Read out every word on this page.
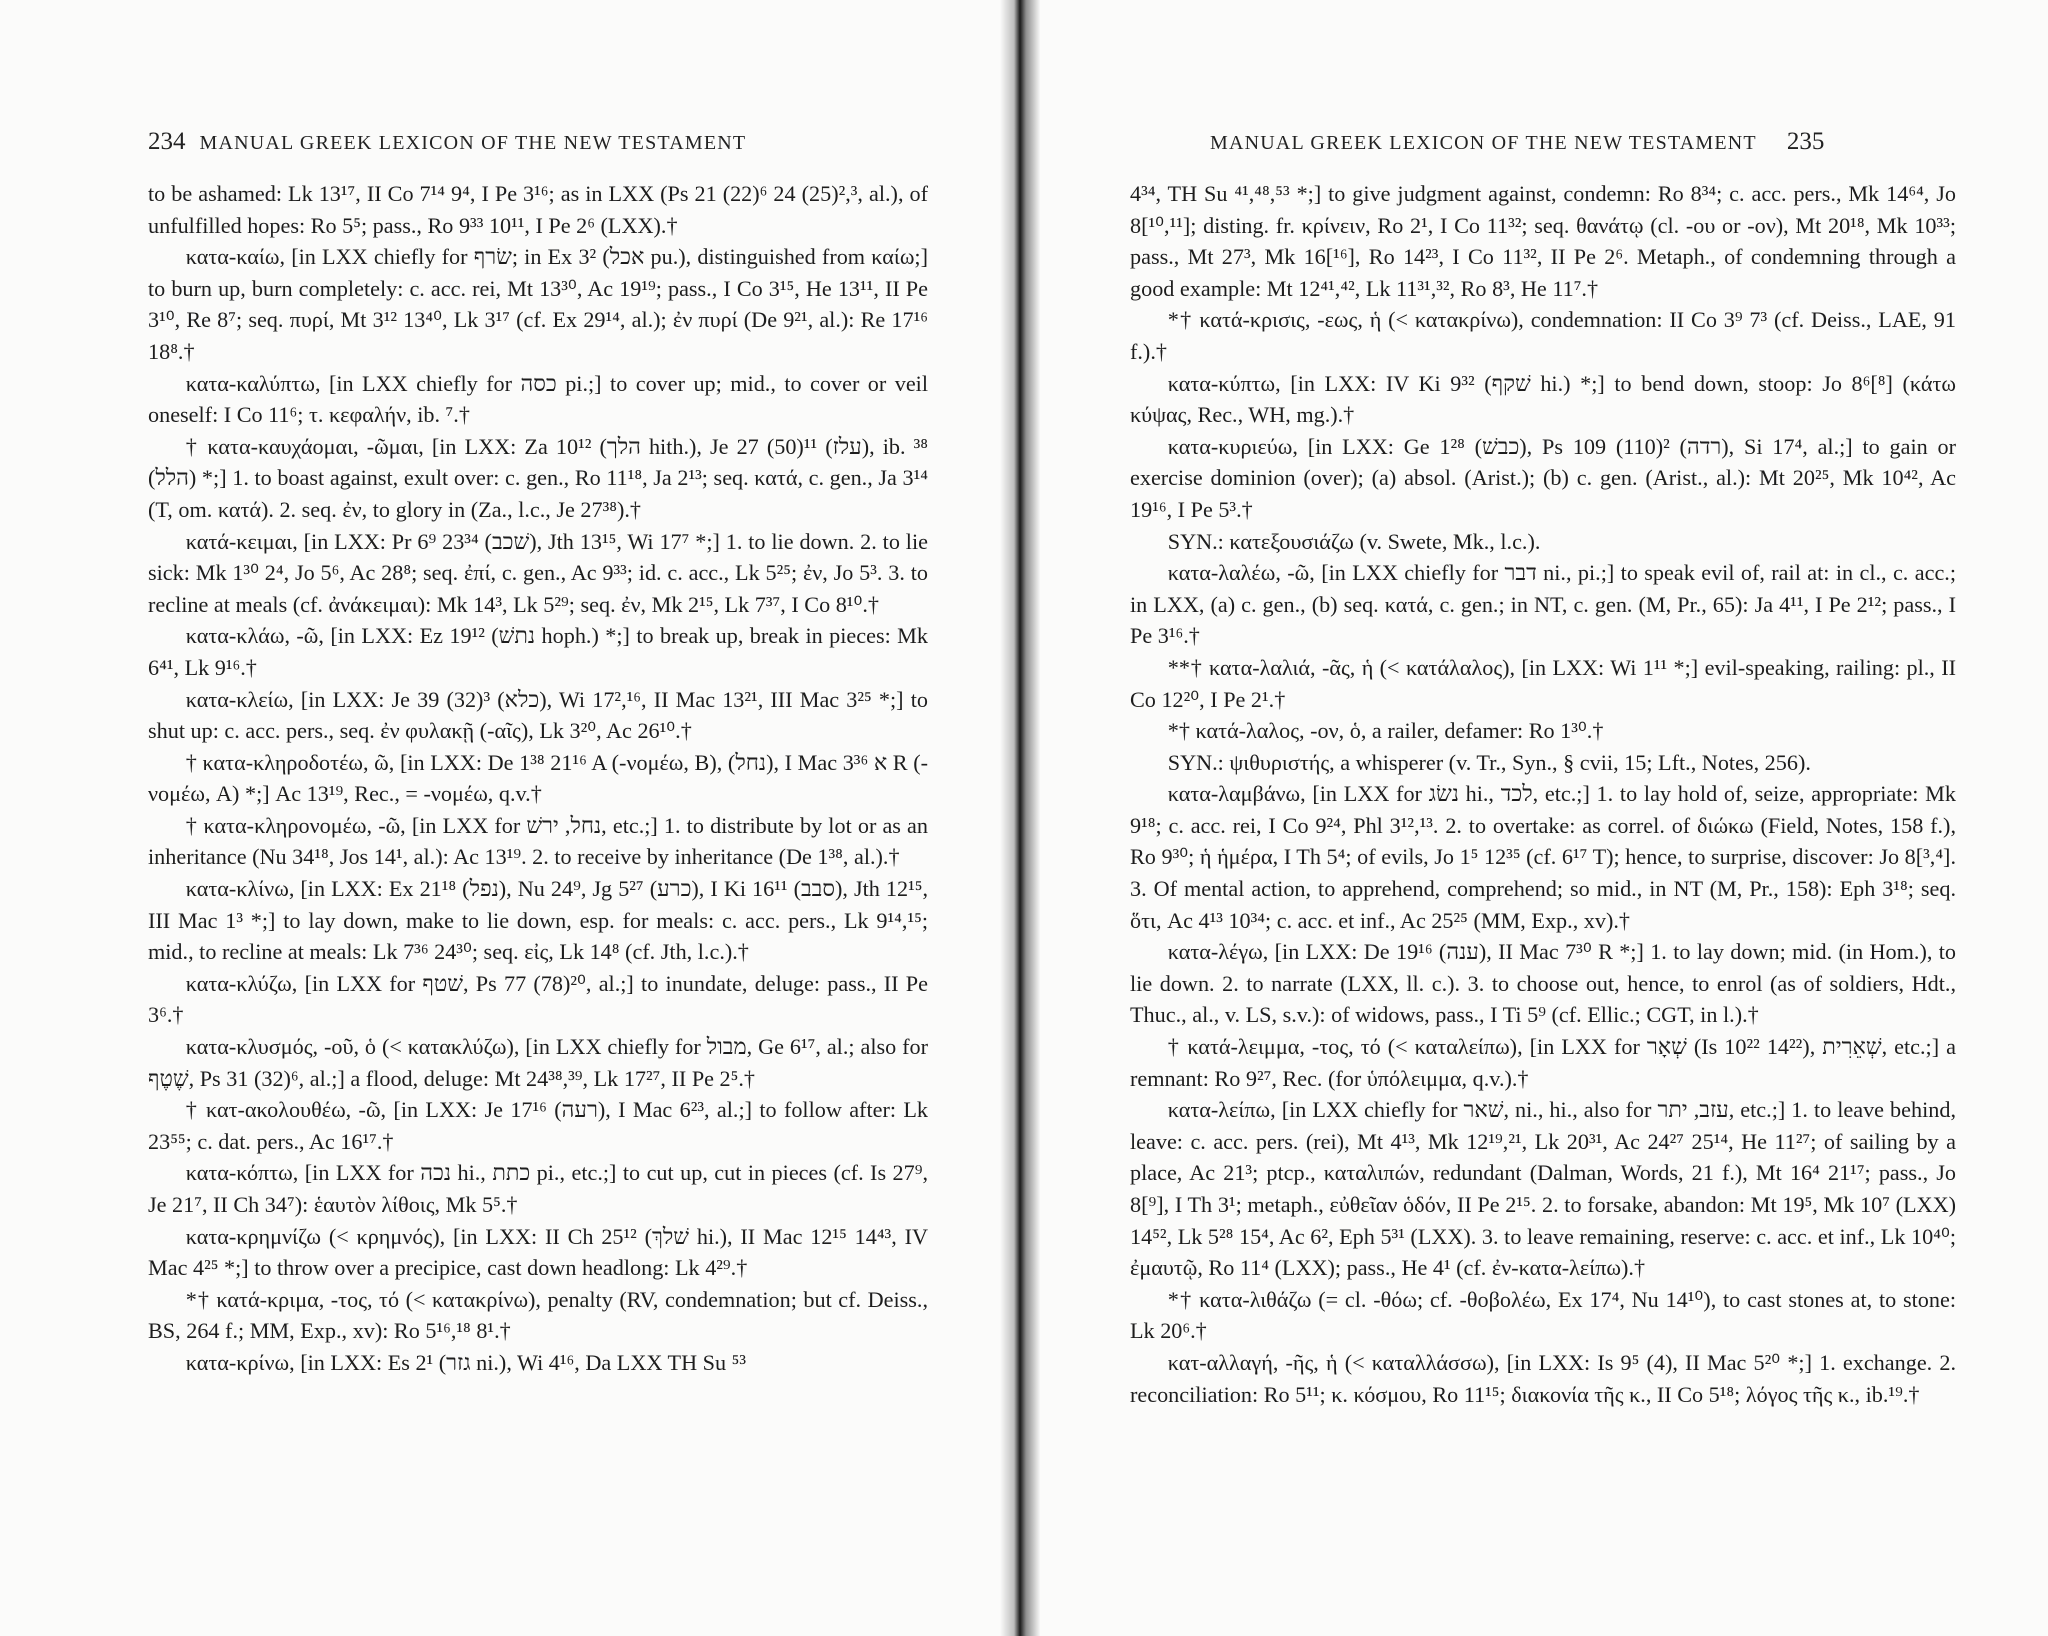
234 MANUAL GREEK LEXICON OF THE NEW TESTAMENT

to be ashamed: Lk 13¹⁷, II Co 7¹⁴ 9⁴, I Pe 3¹⁶; as in LXX (Ps 21 (22)⁶ 24 (25)²,³, al.), of unfulfilled hopes: Ro 5⁵; pass., Ro 9³³ 10¹¹, I Pe 2⁶ (LXX).†

κατα-καίω, [in LXX chiefly for שׂרף; in Ex 3² (אכל pu.), distinguished from καίω;] to burn up, burn completely: c. acc. rei, Mt 13³⁰, Ac 19¹⁹; pass., I Co 3¹⁵, He 13¹¹, II Pe 3¹⁰, Re 8⁷; seq. πυρί, Mt 3¹² 13⁴⁰, Lk 3¹⁷ (cf. Ex 29¹⁴, al.); ἐν πυρί (De 9²¹, al.): Re 17¹⁶ 18⁸.†

κατα-καλύπτω, [in LXX chiefly for כסה pi.;] to cover up; mid., to cover or veil oneself: I Co 11⁶; τ. κεφαλήν, ib. ⁷.†

† κατα-καυχάομαι, -ῶμαι, [in LXX: Za 10¹² (הלך hith.), Je 27 (50)¹¹ (עלז), ib. ³⁸ (הלל) *;] 1. to boast against, exult over: c. gen., Ro 11¹⁸, Ja 2¹³; seq. κατά, c. gen., Ja 3¹⁴ (T, om. κατά). 2. seq. ἐν, to glory in (Za., l.c., Je 27³⁸).†

κατά-κειμαι, [in LXX: Pr 6⁹ 23³⁴ (שׁכב), Jth 13¹⁵, Wi 17⁷ *;] 1. to lie down. 2. to lie sick: Mk 1³⁰ 2⁴, Jo 5⁶, Ac 28⁸; seq. ἐπί, c. gen., Ac 9³³; id. c. acc., Lk 5²⁵; ἐν, Jo 5³. 3. to recline at meals (cf. ἀνάκειμαι): Mk 14³, Lk 5²⁹; seq. ἐν, Mk 2¹⁵, Lk 7³⁷, I Co 8¹⁰.†

κατα-κλάω, -ῶ, [in LXX: Ez 19¹² (נתשׁ hoph.) *;] to break up, break in pieces: Mk 6⁴¹, Lk 9¹⁶.†

κατα-κλείω, [in LXX: Je 39 (32)³ (כלא), Wi 17²,¹⁶, II Mac 13²¹, III Mac 3²⁵ *;] to shut up: c. acc. pers., seq. ἐν φυλακῇ (-αῖς), Lk 3²⁰, Ac 26¹⁰.†

† κατα-κληροδοτέω, ῶ, [in LXX: De 1³⁸ 21¹⁶ A (-νομέω, B), (נחל), I Mac 3³⁶ א R (-νομέω, A) *;] Ac 13¹⁹, Rec., = -νομέω, q.v.†

† κατα-κληρονομέω, -ῶ, [in LXX for נחל, ירשׁ, etc.;] 1. to distribute by lot or as an inheritance (Nu 34¹⁸, Jos 14¹, al.): Ac 13¹⁹. 2. to receive by inheritance (De 1³⁸, al.).†

κατα-κλίνω, [in LXX: Ex 21¹⁸ (נפל), Nu 24⁹, Jg 5²⁷ (כרע), I Ki 16¹¹ (סבב), Jth 12¹⁵, III Mac 1³ *;] to lay down, make to lie down, esp. for meals: c. acc. pers., Lk 9¹⁴,¹⁵; mid., to recline at meals: Lk 7³⁶ 24³⁰; seq. εἰς, Lk 14⁸ (cf. Jth, l.c.).†

κατα-κλύζω, [in LXX for שׁטף, Ps 77 (78)²⁰, al.;] to inundate, deluge: pass., II Pe 3⁶.†

κατα-κλυσμός, -οῦ, ὁ (< κατακλύζω), [in LXX chiefly for מבול, Ge 6¹⁷, al.; also for שֶׁטֶף, Ps 31 (32)⁶, al.;] a flood, deluge: Mt 24³⁸,³⁹, Lk 17²⁷, II Pe 2⁵.†

† κατ-ακολουθέω, -ῶ, [in LXX: Je 17¹⁶ (רעה), I Mac 6²³, al.;] to follow after: Lk 23⁵⁵; c. dat. pers., Ac 16¹⁷.†

κατα-κόπτω, [in LXX for נכה hi., כתת pi., etc.;] to cut up, cut in pieces (cf. Is 27⁹, Je 21⁷, II Ch 34⁷): ἑαυτὸν λίθοις, Mk 5⁵.†

κατα-κρημνίζω (< κρημνός), [in LXX: II Ch 25¹² (שׁלךְ hi.), II Mac 12¹⁵ 14⁴³, IV Mac 4²⁵ *;] to throw over a precipice, cast down headlong: Lk 4²⁹.†

*† κατά-κριμα, -τος, τό (< κατακρίνω), penalty (RV, condemnation; but cf. Deiss., BS, 264 f.; MM, Exp., xv): Ro 5¹⁶,¹⁸ 8¹.†

κατα-κρίνω, [in LXX: Es 2¹ (גזר ni.), Wi 4¹⁶, Da LXX TH Su ⁵³

MANUAL GREEK LEXICON OF THE NEW TESTAMENT 235

4³⁴, TH Su ⁴¹,⁴⁸,⁵³ *;] to give judgment against, condemn: Ro 8³⁴; c. acc. pers., Mk 14⁶⁴, Jo 8[¹⁰,¹¹]; disting. fr. κρίνειν, Ro 2¹, I Co 11³²; seq. θανάτῳ (cl. -ου or -ον), Mt 20¹⁸, Mk 10³³; pass., Mt 27³, Mk 16[¹⁶], Ro 14²³, I Co 11³², II Pe 2⁶. Metaph., of condemning through a good example: Mt 12⁴¹,⁴², Lk 11³¹,³², Ro 8³, He 11⁷.†

*† κατά-κρισις, -εως, ἡ (< κατακρίνω), condemnation: II Co 3⁹ 7³ (cf. Deiss., LAE, 91 f.).†

κατα-κύπτω, [in LXX: IV Ki 9³² (שׁקף hi.) *;] to bend down, stoop: Jo 8⁶[⁸] (κάτω κύψας, Rec., WH, mg.).†

κατα-κυριεύω, [in LXX: Ge 1²⁸ (כבשׁ), Ps 109 (110)² (רדה), Si 17⁴, al.;] to gain or exercise dominion (over); (a) absol. (Arist.); (b) c. gen. (Arist., al.): Mt 20²⁵, Mk 10⁴², Ac 19¹⁶, I Pe 5³.†

SYN.: κατεξουσιάζω (v. Swete, Mk., l.c.).

κατα-λαλέω, -ῶ, [in LXX chiefly for דבר ni., pi.;] to speak evil of, rail at: in cl., c. acc.; in LXX, (a) c. gen., (b) seq. κατά, c. gen.; in NT, c. gen. (M, Pr., 65): Ja 4¹¹, I Pe 2¹²; pass., I Pe 3¹⁶.†

**† κατα-λαλιά, -ᾶς, ἡ (< κατάλαλος), [in LXX: Wi 1¹¹ *;] evil-speaking, railing: pl., II Co 12²⁰, I Pe 2¹.†

*† κατά-λαλος, -ον, ὁ, a railer, defamer: Ro 1³⁰.†

SYN.: ψιθυριστής, a whisperer (v. Tr., Syn., § cvii, 15; Lft., Notes, 256).

κατα-λαμβάνω, [in LXX for נשׂג hi., לכד, etc.;] 1. to lay hold of, seize, appropriate: Mk 9¹⁸; c. acc. rei, I Co 9²⁴, Phl 3¹²,¹³. 2. to overtake: as correl. of διώκω (Field, Notes, 158 f.), Ro 9³⁰; ἡ ἡμέρα, I Th 5⁴; of evils, Jo 1⁵ 12³⁵ (cf. 6¹⁷ T); hence, to surprise, discover: Jo 8[³,⁴]. 3. Of mental action, to apprehend, comprehend; so mid., in NT (M, Pr., 158): Eph 3¹⁸; seq. ὅτι, Ac 4¹³ 10³⁴; c. acc. et inf., Ac 25²⁵ (MM, Exp., xv).†

κατα-λέγω, [in LXX: De 19¹⁶ (ענה), II Mac 7³⁰ R *;] 1. to lay down; mid. (in Hom.), to lie down. 2. to narrate (LXX, ll. c.). 3. to choose out, hence, to enrol (as of soldiers, Hdt., Thuc., al., v. LS, s.v.): of widows, pass., I Ti 5⁹ (cf. Ellic.; CGT, in l.).†

† κατά-λειμμα, -τος, τό (< καταλείπω), [in LXX for שְׁאָר (Is 10²² 14²²), שְׁאֵרִית, etc.;] a remnant: Ro 9²⁷, Rec. (for ὑπόλειμμα, q.v.).†

κατα-λείπω, [in LXX chiefly for שׁאר, ni., hi., also for עזב, יתר, etc.;] 1. to leave behind, leave: c. acc. pers. (rei), Mt 4¹³, Mk 12¹⁹,²¹, Lk 20³¹, Ac 24²⁷ 25¹⁴, He 11²⁷; of sailing by a place, Ac 21³; ptcp., καταλιπών, redundant (Dalman, Words, 21 f.), Mt 16⁴ 21¹⁷; pass., Jo 8[⁹], I Th 3¹; metaph., εὐθεῖαν ὁδόν, II Pe 2¹⁵. 2. to forsake, abandon: Mt 19⁵, Mk 10⁷ (LXX) 14⁵², Lk 5²⁸ 15⁴, Ac 6², Eph 5³¹ (LXX). 3. to leave remaining, reserve: c. acc. et inf., Lk 10⁴⁰; ἐμαυτῷ, Ro 11⁴ (LXX); pass., He 4¹ (cf. ἐν-κατα-λείπω).†

*† κατα-λιθάζω (= cl. -θόω; cf. -θοβολέω, Ex 17⁴, Nu 14¹⁰), to cast stones at, to stone: Lk 20⁶.†

κατ-αλλαγή, -ῆς, ἡ (< καταλλάσσω), [in LXX: Is 9⁵ (4), II Mac 5²⁰ *;] 1. exchange. 2. reconciliation: Ro 5¹¹; κ. κόσμου, Ro 11¹⁵; διακονία τῆς κ., II Co 5¹⁸; λόγος τῆς κ., ib.¹⁹.†
